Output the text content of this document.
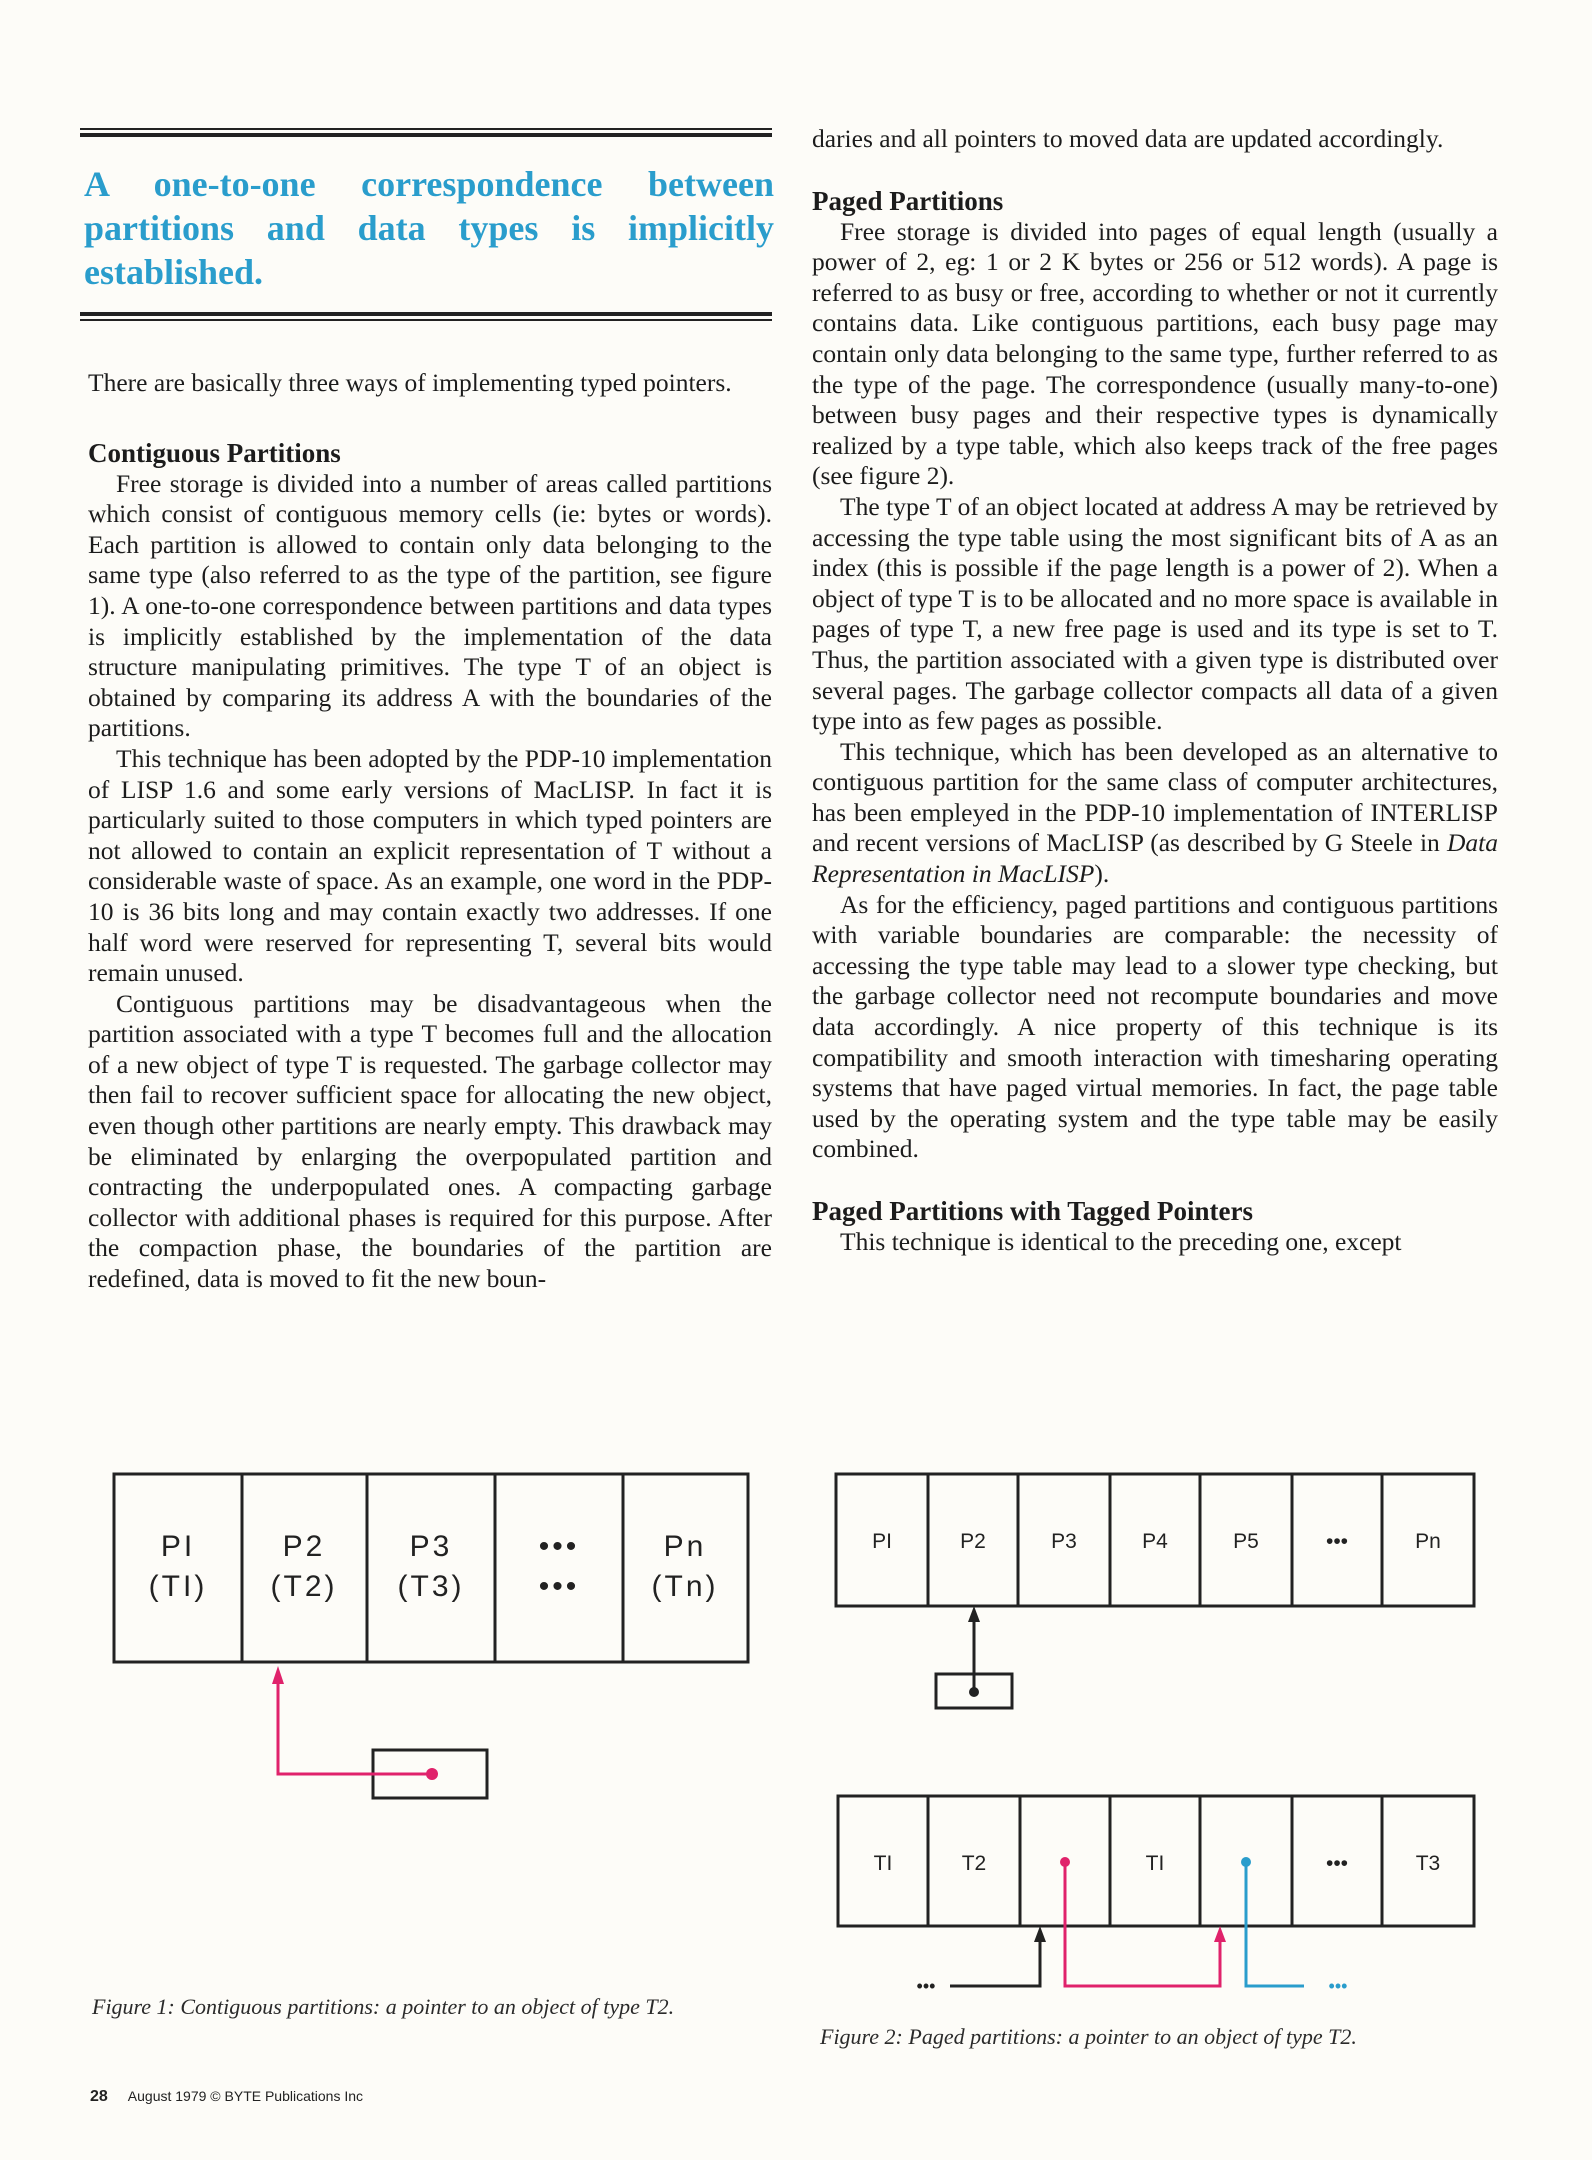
A one-to-one correspondence between partitions and data types is implicitly established.

There are basically three ways of implementing typed pointers.

Contiguous Partitions

Free storage is divided into a number of areas called partitions which consist of contiguous memory cells (ie: bytes or words). Each partition is allowed to contain only data belonging to the same type (also referred to as the type of the partition, see figure 1). A one-to-one correspondence between partitions and data types is implicitly established by the implementation of the data structure manipulating primitives. The type T of an object is obtained by comparing its address A with the boundaries of the partitions.

This technique has been adopted by the PDP-10 implementation of LISP 1.6 and some early versions of MacLISP. In fact it is particularly suited to those computers in which typed pointers are not allowed to contain an explicit representation of T without a considerable waste of space. As an example, one word in the PDP-10 is 36 bits long and may contain exactly two addresses. If one half word were reserved for representing T, several bits would remain unused.

Contiguous partitions may be disadvantageous when the partition associated with a type T becomes full and the allocation of a new object of type T is requested. The garbage collector may then fail to recover sufficient space for allocating the new object, even though other partitions are nearly empty. This drawback may be eliminated by enlarging the overpopulated partition and contracting the underpopulated ones. A compacting garbage collector with additional phases is required for this purpose. After the compaction phase, the boundaries of the partition are redefined, data is moved to fit the new boun-

daries and all pointers to moved data are updated accordingly.

Paged Partitions

Free storage is divided into pages of equal length (usually a power of 2, eg: 1 or 2 K bytes or 256 or 512 words). A page is referred to as busy or free, according to whether or not it currently contains data. Like contiguous partitions, each busy page may contain only data belonging to the same type, further referred to as the type of the page. The correspondence (usually many-to-one) between busy pages and their respective types is dynamically realized by a type table, which also keeps track of the free pages (see figure 2).

The type T of an object located at address A may be retrieved by accessing the type table using the most significant bits of A as an index (this is possible if the page length is a power of 2). When a object of type T is to be allocated and no more space is available in pages of type T, a new free page is used and its type is set to T. Thus, the partition associated with a given type is distributed over several pages. The garbage collector compacts all data of a given type into as few pages as possible.

This technique, which has been developed as an alternative to contiguous partition for the same class of computer architectures, has been empleyed in the PDP-10 implementation of INTERLISP and recent versions of MacLISP (as described by G Steele in Data Representation in MacLISP).

As for the efficiency, paged partitions and contiguous partitions with variable boundaries are comparable: the necessity of accessing the type table may lead to a slower type checking, but the garbage collector need not recompute boundaries and move data accordingly. A nice property of this technique is its compatibility and smooth interaction with timesharing operating systems that have paged virtual memories. In fact, the page table used by the operating system and the type table may be easily combined.

Paged Partitions with Tagged Pointers

This technique is identical to the preceding one, except

PI
(TI)
P2
(T2)
P3
(T3)
•••
•••
Pn
(Tn)
Figure 1: Contiguous partitions: a pointer to an object of type T2.
PI	P2	P3	P4	P5	•••	Pn
TI	T2	TI	•••	T3
•••	•••
Figure 2: Paged partitions: a pointer to an object of type T2.
28 August 1979 © BYTE Publications Inc
